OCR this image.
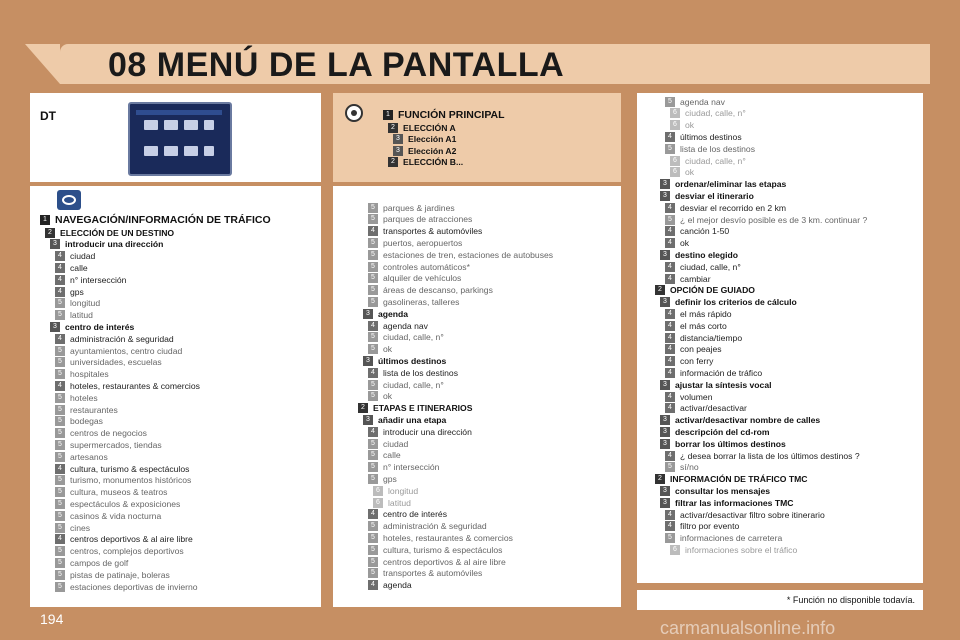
08 MENÚ DE LA PANTALLA
DT	1 FUNCIÓN PRINCIPAL
2 ELECCIÓN A
3 Elección A1
3 Elección A2
2 ELECCIÓN B...
1 NAVEGACIÓN/INFORMACIÓN DE TRÁFICO
2 ELECCIÓN DE UN DESTINO
3 introducir una dirección
4 ciudad
4 calle
4 n° intersección
4 gps
5 longitud
5 latitud
3 centro de interés
4 administración & seguridad
5 ayuntamientos, centro ciudad
5 universidades, escuelas
5 hospitales
4 hoteles, restaurantes & comercios
5 hoteles
5 restaurantes
5 bodegas
5 centros de negocios
5 supermercados, tiendas
5 artesanos
4 cultura, turismo & espectáculos
5 turismo, monumentos históricos
5 cultura, museos & teatros
5 espectáculos & exposiciones
5 casinos & vida nocturna
5 cines
4 centros deportivos & al aire libre
5 centros, complejos deportivos
5 campos de golf
5 pistas de patinaje, boleras
5 estaciones deportivas de invierno
5 parques & jardines
5 parques de atracciones
4 transportes & automóviles
5 puertos, aeropuertos
5 estaciones de tren, estaciones de autobuses
5 controles automáticos*
5 alquiler de vehículos
5 áreas de descanso, parkings
5 gasolineras, talleres
3 agenda
4 agenda nav
5 ciudad, calle, n°
5 ok
3 últimos destinos
4 lista de los destinos
5 ciudad, calle, n°
5 ok
2 ETAPAS E ITINERARIOS
3 añadir una etapa
4 introducir una dirección
5 ciudad
5 calle
5 n° intersección
5 gps
6 longitud
6 latitud
4 centro de interés
5 administración & seguridad
5 hoteles, restaurantes & comercios
5 cultura, turismo & espectáculos
5 centros deportivos & al aire libre
5 transportes & automóviles
4 agenda
5 agenda nav
6 ciudad, calle, n°
6 ok
4 últimos destinos
5 lista de los destinos
6 ciudad, calle, n°
6 ok
3 ordenar/eliminar las etapas
3 desviar el itinerario
4 desviar el recorrido en 2 km
5 ¿ el mejor desvío posible es de 3 km. continuar ?
4 canción 1-50
4 ok
3 destino elegido
4 ciudad, calle, n°
4 cambiar
2 OPCIÓN DE GUIADO
3 definir los criterios de cálculo
4 el más rápido
4 el más corto
4 distancia/tiempo
4 con peajes
4 con ferry
4 información de tráfico
3 ajustar la síntesis vocal
4 volumen
4 activar/desactivar
3 activar/desactivar nombre de calles
3 descripción del cd-rom
3 borrar los últimos destinos
4 ¿ desea borrar la lista de los últimos destinos ?
5 sí/no
2 INFORMACIÓN DE TRÁFICO TMC
3 consultar los mensajes
3 filtrar las informaciones TMC
4 activar/desactivar filtro sobre itinerario
4 filtro por evento
5 informaciones de carretera
6 informaciones sobre el tráfico
* Función no disponible todavía.
194	carmanualsonline.info
